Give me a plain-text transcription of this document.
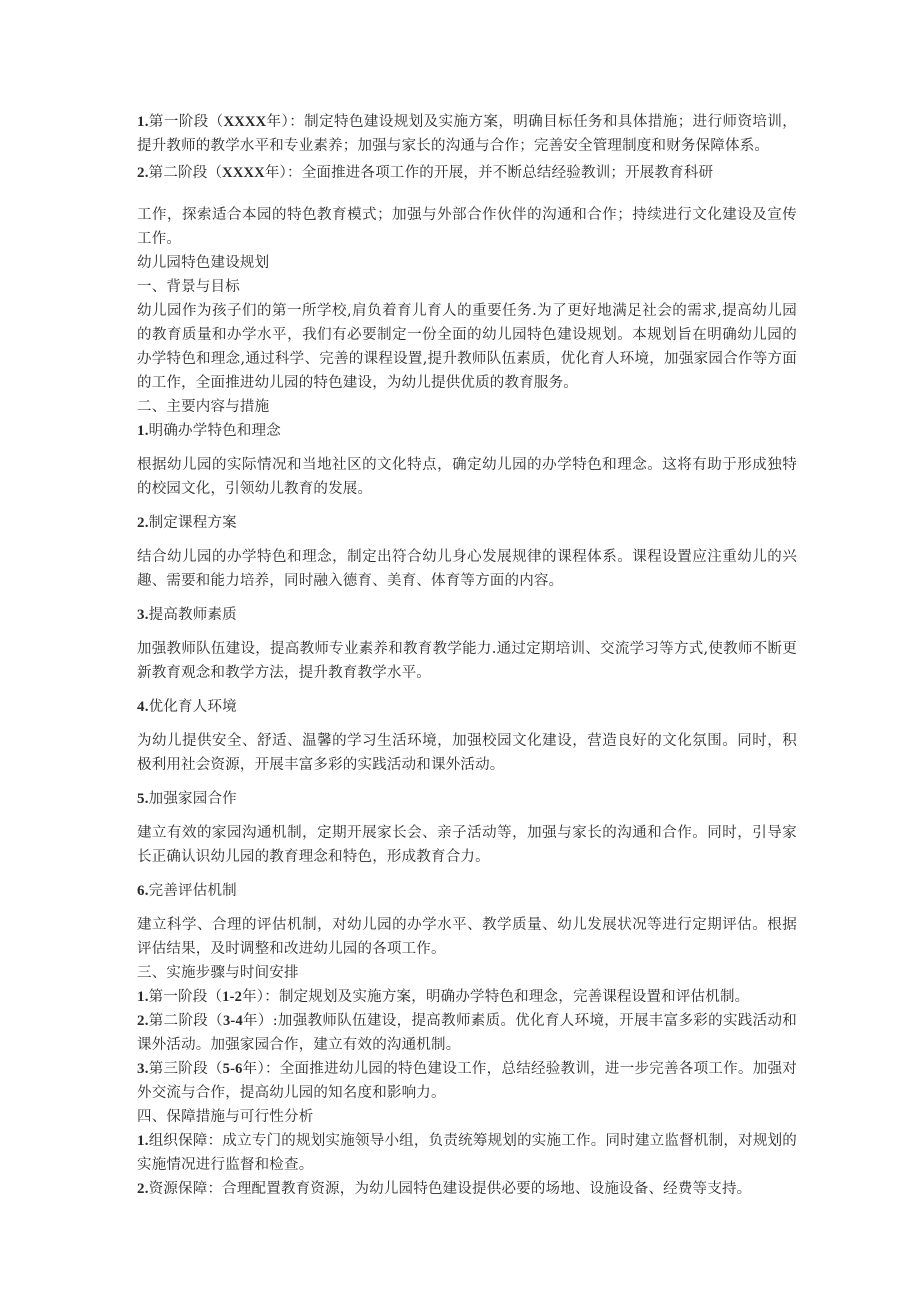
1.第一阶段（XXXX年）：制定特色建设规划及实施方案，明确目标任务和具体措施；进行师资培训，提升教师的教学水平和专业素养；加强与家长的沟通与合作；完善安全管理制度和财务保障体系。

2.第二阶段（XXXX年）：全面推进各项工作的开展，并不断总结经验教训；开展教育科研

工作，探索适合本园的特色教育模式；加强与外部合作伙伴的沟通和合作；持续进行文化建设及宣传工作。

幼儿园特色建设规划

一、背景与目标

幼儿园作为孩子们的第一所学校,肩负着育儿育人的重要任务.为了更好地满足社会的需求,提高幼儿园的教育质量和办学水平，我们有必要制定一份全面的幼儿园特色建设规划。本规划旨在明确幼儿园的办学特色和理念,通过科学、完善的课程设置,提升教师队伍素质，优化育人环境，加强家园合作等方面的工作，全面推进幼儿园的特色建设，为幼儿提供优质的教育服务。

二、主要内容与措施

1.明确办学特色和理念

根据幼儿园的实际情况和当地社区的文化特点，确定幼儿园的办学特色和理念。这将有助于形成独特的校园文化，引领幼儿教育的发展。

2.制定课程方案

结合幼儿园的办学特色和理念，制定出符合幼儿身心发展规律的课程体系。课程设置应注重幼儿的兴趣、需要和能力培养，同时融入德育、美育、体育等方面的内容。

3.提高教师素质

加强教师队伍建设，提高教师专业素养和教育教学能力.通过定期培训、交流学习等方式,使教师不断更新教育观念和教学方法，提升教育教学水平。

4.优化育人环境

为幼儿提供安全、舒适、温馨的学习生活环境，加强校园文化建设，营造良好的文化氛围。同时，积极利用社会资源，开展丰富多彩的实践活动和课外活动。

5.加强家园合作

建立有效的家园沟通机制，定期开展家长会、亲子活动等，加强与家长的沟通和合作。同时，引导家长正确认识幼儿园的教育理念和特色，形成教育合力。

6.完善评估机制

建立科学、合理的评估机制，对幼儿园的办学水平、教学质量、幼儿发展状况等进行定期评估。根据评估结果，及时调整和改进幼儿园的各项工作。

三、实施步骤与时间安排

1.第一阶段（1-2年）：制定规划及实施方案，明确办学特色和理念，完善课程设置和评估机制。

2.第二阶段（3-4年）:加强教师队伍建设，提高教师素质。优化育人环境，开展丰富多彩的实践活动和课外活动。加强家园合作，建立有效的沟通机制。

3.第三阶段（5-6年）：全面推进幼儿园的特色建设工作，总结经验教训，进一步完善各项工作。加强对外交流与合作，提高幼儿园的知名度和影响力。

四、保障措施与可行性分析

1.组织保障：成立专门的规划实施领导小组，负责统筹规划的实施工作。同时建立监督机制，对规划的实施情况进行监督和检查。

2.资源保障：合理配置教育资源，为幼儿园特色建设提供必要的场地、设施设备、经费等支持。
